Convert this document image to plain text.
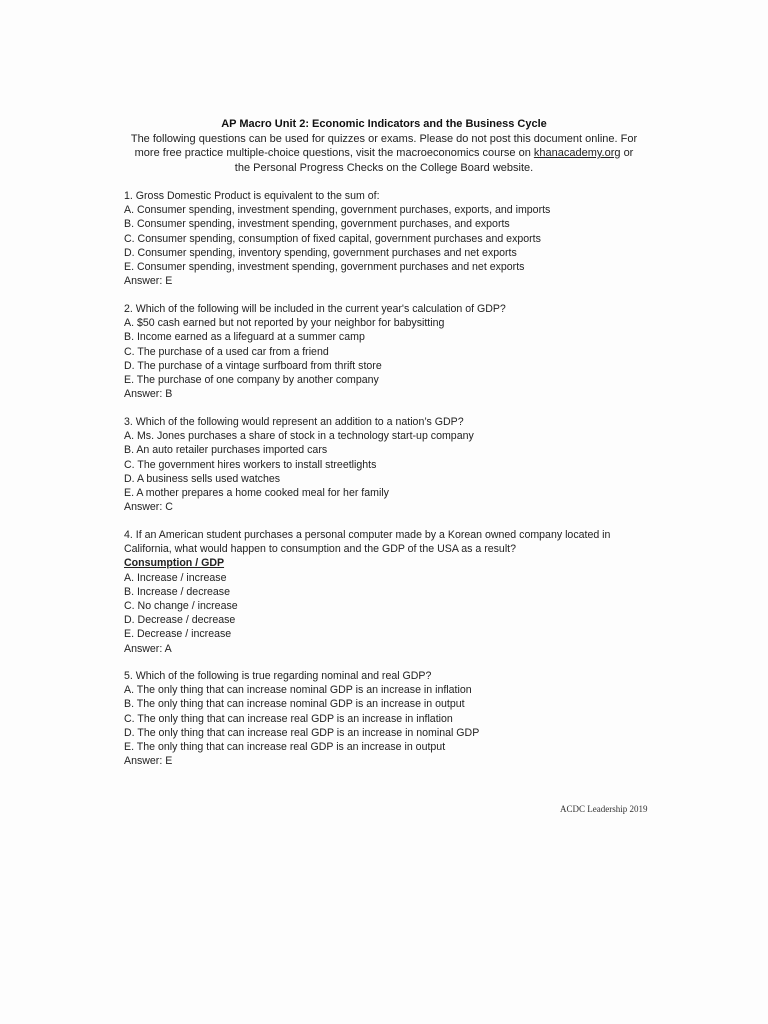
AP Macro Unit 2: Economic Indicators and the Business Cycle
The following questions can be used for quizzes or exams. Please do not post this document online. For
more free practice multiple-choice questions, visit the macroeconomics course on khanacademy.org or
the Personal Progress Checks on the College Board website.
1. Gross Domestic Product is equivalent to the sum of:
A. Consumer spending, investment spending, government purchases, exports, and imports
B. Consumer spending, investment spending, government purchases, and exports
C. Consumer spending, consumption of fixed capital, government purchases and exports
D. Consumer spending, inventory spending, government purchases and net exports
E. Consumer spending, investment spending, government purchases and net exports
Answer: E
2. Which of the following will be included in the current year's calculation of GDP?
A. $50 cash earned but not reported by your neighbor for babysitting
B. Income earned as a lifeguard at a summer camp
C. The purchase of a used car from a friend
D. The purchase of a vintage surfboard from thrift store
E. The purchase of one company by another company
Answer: B
3. Which of the following would represent an addition to a nation’s GDP?
A. Ms. Jones purchases a share of stock in a technology start-up company
B. An auto retailer purchases imported cars
C. The government hires workers to install streetlights
D. A business sells used watches
E. A mother prepares a home cooked meal for her family
Answer: C
4. If an American student purchases a personal computer made by a Korean owned company located in
California, what would happen to consumption and the GDP of the USA as a result?
Consumption / GDP
A. Increase / increase
B. Increase / decrease
C. No change / increase
D. Decrease / decrease
E. Decrease / increase
Answer: A
5. Which of the following is true regarding nominal and real GDP?
A. The only thing that can increase nominal GDP is an increase in inflation
B. The only thing that can increase nominal GDP is an increase in output
C. The only thing that can increase real GDP is an increase in inflation
D. The only thing that can increase real GDP is an increase in nominal GDP
E. The only thing that can increase real GDP is an increase in output
Answer: E
ACDC Leadership 2019
